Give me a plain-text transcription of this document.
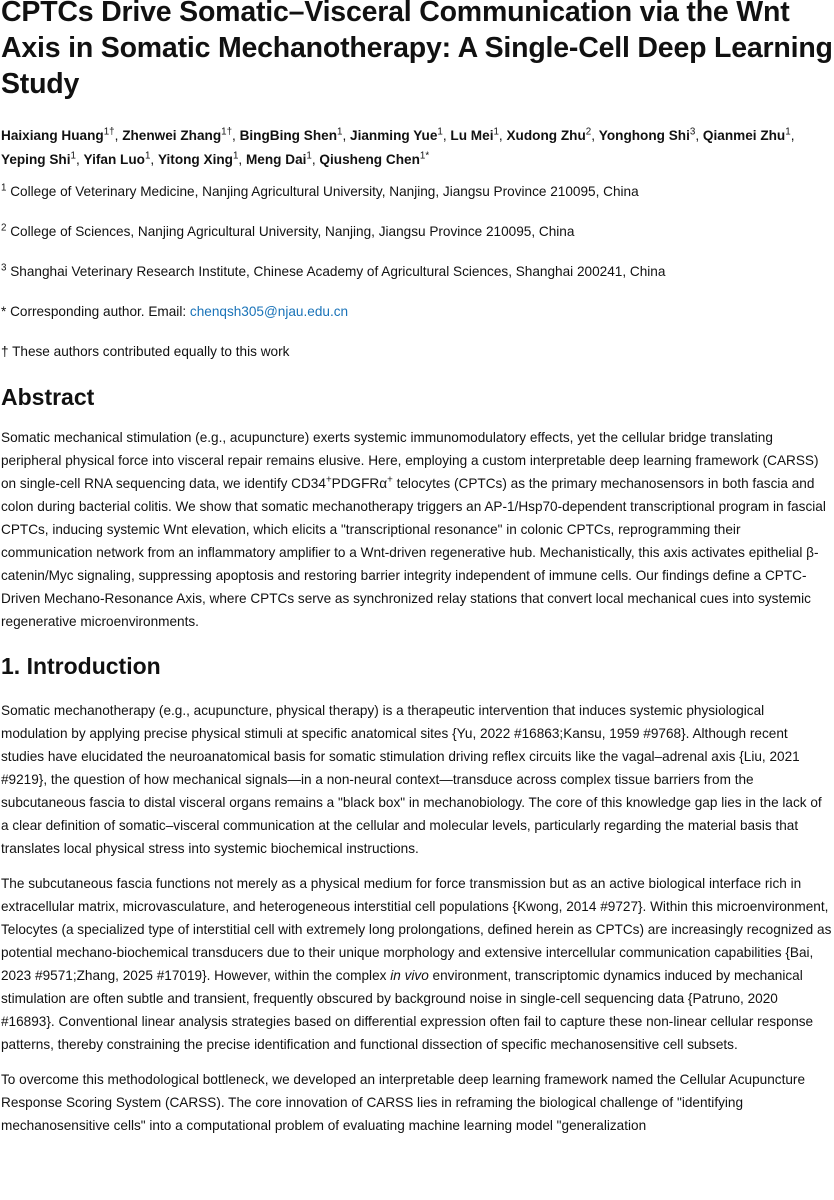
CPTCs Drive Somatic–Visceral Communication via the Wnt Axis in Somatic Mechanotherapy: A Single-Cell Deep Learning Study
Haixiang Huang$^{1\dagger}$, Zhenwei Zhang$^{1\dagger}$, BingBing Shen$^1$, Jianming Yue$^1$, Lu Mei$^1$, Xudong Zhu$^2$, Yonghong Shi$^3$, Qianmei Zhu$^1$, Yeping Shi$^1$, Yifan Luo$^1$, Yitong Xing$^1$, Meng Dai$^1$, Qiusheng Chen$^{1*}$
$^1$ College of Veterinary Medicine, Nanjing Agricultural University, Nanjing, Jiangsu Province 210095, China
$^2$ College of Sciences, Nanjing Agricultural University, Nanjing, Jiangsu Province 210095, China
$^3$ Shanghai Veterinary Research Institute, Chinese Academy of Agricultural Sciences, Shanghai 200241, China
* Corresponding author. Email: chenqsh305@njau.edu.cn
† These authors contributed equally to this work
Abstract

Somatic mechanical stimulation (e.g., acupuncture) exerts systemic immunomodulatory effects, yet the cellular bridge translating peripheral physical force into visceral repair remains elusive. Here, employing a custom interpretable deep learning framework (CARSS) on single-cell RNA sequencing data, we identify CD34+PDGFRα+ telocytes (CPTCs) as the primary mechanosensors in both fascia and colon during bacterial colitis. We show that somatic mechanotherapy triggers an AP-1/Hsp70-dependent transcriptional program in fascial CPTCs, inducing systemic Wnt elevation, which elicits a "transcriptional resonance" in colonic CPTCs, reprogramming their communication network from an inflammatory amplifier to a Wnt-driven regenerative hub. Mechanistically, this axis activates epithelial β-catenin/Myc signaling, suppressing apoptosis and restoring barrier integrity independent of immune cells. Our findings define a CPTC-Driven Mechano-Resonance Axis, where CPTCs serve as synchronized relay stations that convert local mechanical cues into systemic regenerative microenvironments.

1. Introduction

Somatic mechanotherapy (e.g., acupuncture, physical therapy) is a therapeutic intervention that induces systemic physiological modulation by applying precise physical stimuli at specific anatomical sites {Yu, 2022 #16863;Kansu, 1959 #9768}. Although recent studies have elucidated the neuroanatomical basis for somatic stimulation driving reflex circuits like the vagal–adrenal axis {Liu, 2021 #9219}, the question of how mechanical signals—in a non-neural context—transduce across complex tissue barriers from the subcutaneous fascia to distal visceral organs remains a "black box" in mechanobiology. The core of this knowledge gap lies in the lack of a clear definition of somatic–visceral communication at the cellular and molecular levels, particularly regarding the material basis that translates local physical stress into systemic biochemical instructions.

The subcutaneous fascia functions not merely as a physical medium for force transmission but as an active biological interface rich in extracellular matrix, microvasculature, and heterogeneous interstitial cell populations {Kwong, 2014 #9727}. Within this microenvironment, Telocytes (a specialized type of interstitial cell with extremely long prolongations, defined herein as CPTCs) are increasingly recognized as potential mechano-biochemical transducers due to their unique morphology and extensive intercellular communication capabilities {Bai, 2023 #9571;Zhang, 2025 #17019}. However, within the complex in vivo environment, transcriptomic dynamics induced by mechanical stimulation are often subtle and transient, frequently obscured by background noise in single-cell sequencing data {Patruno, 2020 #16893}. Conventional linear analysis strategies based on differential expression often fail to capture these non-linear cellular response patterns, thereby constraining the precise identification and functional dissection of specific mechanosensitive cell subsets.

To overcome this methodological bottleneck, we developed an interpretable deep learning framework named the Cellular Acupuncture Response Scoring System (CARSS). The core innovation of CARSS lies in reframing the biological challenge of "identifying mechanosensitive cells" into a computational problem of evaluating machine learning model "generalization
